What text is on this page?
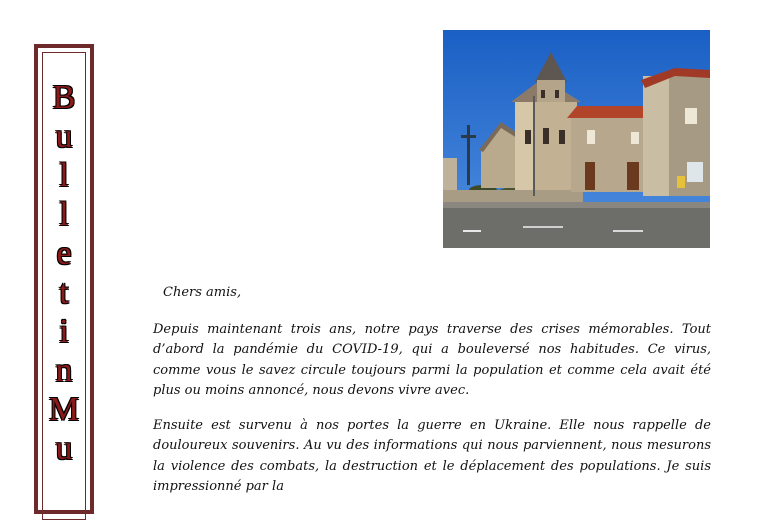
B
u
l
l
e
t
i
n
M
u

Chers amis,

Depuis maintenant trois ans, notre pays traverse des crises mémorables. Tout d’abord la pandémie du COVID-19, qui a bouleversé nos habitudes. Ce virus, comme vous le savez circule toujours parmi la population et comme cela avait été plus ou moins annoncé, nous devons vivre avec.

Ensuite est survenu à nos portes la guerre en Ukraine. Elle nous rappelle de douloureux souvenirs. Au vu des informations qui nous parviennent, nous mesurons la violence des combats, la destruction et le déplacement des populations. Je suis impressionné par la
